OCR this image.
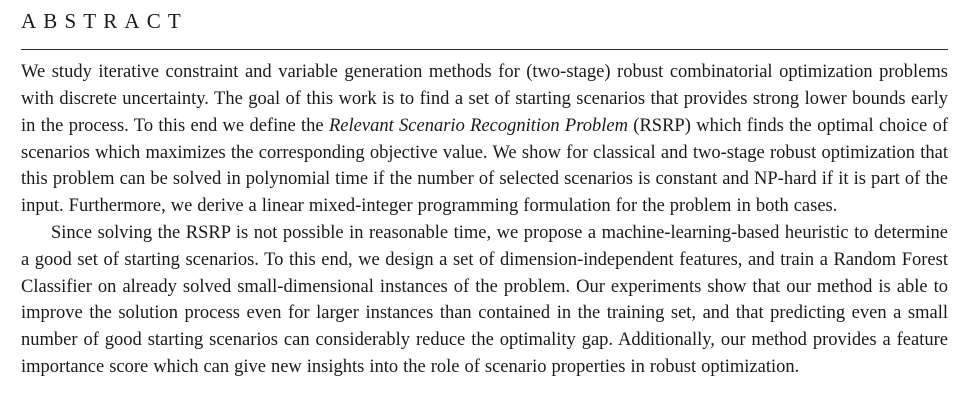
ABSTRACT

We study iterative constraint and variable generation methods for (two-stage) robust combinatorial optimization problems with discrete uncertainty. The goal of this work is to find a set of starting scenarios that provides strong lower bounds early in the process. To this end we define the Relevant Scenario Recognition Problem (RSRP) which finds the optimal choice of scenarios which maximizes the corresponding objective value. We show for classical and two-stage robust optimization that this problem can be solved in polynomial time if the number of selected scenarios is constant and NP-hard if it is part of the input. Furthermore, we derive a linear mixed-integer programming formulation for the problem in both cases.

Since solving the RSRP is not possible in reasonable time, we propose a machine-learning-based heuristic to determine a good set of starting scenarios. To this end, we design a set of dimension-independent features, and train a Random Forest Classifier on already solved small-dimensional instances of the problem. Our experiments show that our method is able to improve the solution process even for larger instances than contained in the training set, and that predicting even a small number of good starting scenarios can considerably reduce the optimality gap. Additionally, our method provides a feature importance score which can give new insights into the role of scenario properties in robust optimization.
